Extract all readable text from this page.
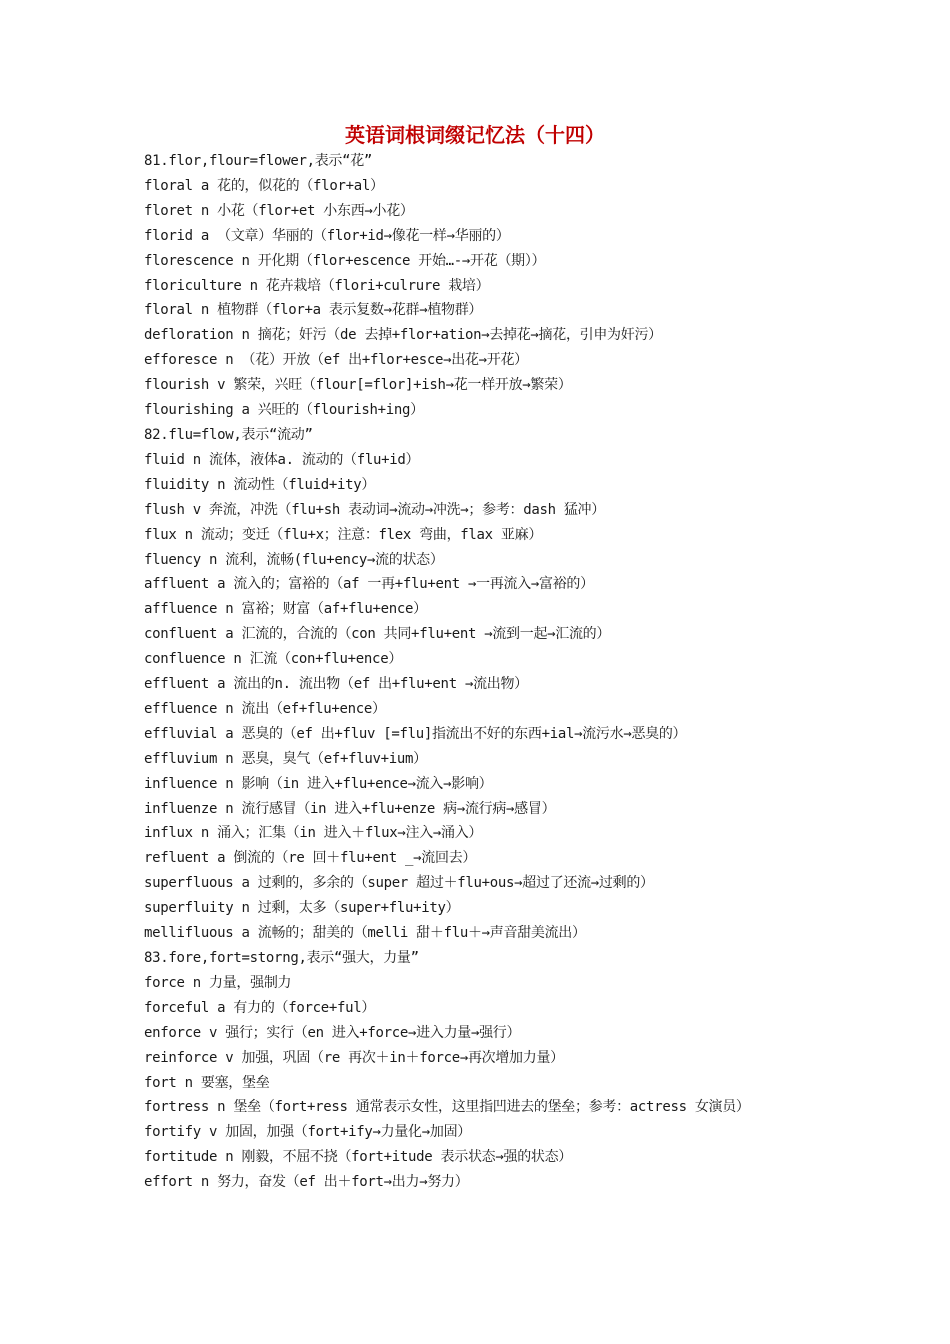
英语词根词缀记忆法（十四）
81.flor,flour=flower,表示“花”
floral a 花的，似花的（flor+al）
floret n 小花（flor+et 小东西→小花）
florid a （文章）华丽的（flor+id→像花一样→华丽的）
florescence n 开化期（flor+escence 开始…-→开花（期））
floriculture n 花卉栽培（flori+culrure 栽培）
floral n 植物群（flor+a 表示复数→花群→植物群）
defloration n 摘花；奸污（de 去掉+flor+ation→去掉花→摘花，引申为奸污）
efforesce n （花）开放（ef 出+flor+esce→出花→开花）
flourish v 繁荣，兴旺（flour[=flor]+ish→花一样开放→繁荣）
flourishing a 兴旺的（flourish+ing）
82.flu=flow,表示“流动”
fluid n 流体，液体a. 流动的（flu+id）
fluidity n 流动性（fluid+ity）
flush v 奔流，冲洗（flu+sh 表动词→流动→冲洗→；参考：dash 猛冲）
flux n 流动；变迁（flu+x；注意：flex 弯曲，flax 亚麻）
fluency n 流利，流畅(flu+ency→流的状态）
affluent a 流入的；富裕的（af 一再+flu+ent →一再流入→富裕的）
affluence n 富裕；财富（af+flu+ence）
confluent a 汇流的，合流的（con 共同+flu+ent →流到一起→汇流的）
confluence n 汇流（con+flu+ence）
effluent a 流出的n. 流出物（ef 出+flu+ent →流出物）
effluence n 流出（ef+flu+ence）
effluvial a 恶臭的（ef 出+fluv [=flu]指流出不好的东西+ial→流污水→恶臭的）
effluvium n 恶臭，臭气（ef+fluv+ium）
influence n 影响（in 进入+flu+ence→流入→影响）
influenze n 流行感冒（in 进入+flu+enze 病→流行病→感冒）
influx n 涌入；汇集（in 进入＋flux→注入→涌入）
refluent a 倒流的（re 回＋flu+ent _→流回去）
superfluous a 过剩的，多余的（super 超过＋flu+ous→超过了还流→过剩的）
superfluity n 过剩，太多（super+flu+ity）
mellifluous a 流畅的；甜美的（melli 甜＋flu＋→声音甜美流出）
83.fore,fort=storng,表示“强大，力量”
force n 力量，强制力
forceful a 有力的（force+ful）
enforce v 强行；实行（en 进入+force→进入力量→强行）
reinforce v 加强，巩固（re 再次＋in＋force→再次增加力量）
fort n 要塞，堡垒
fortress n 堡垒（fort+ress 通常表示女性，这里指凹进去的堡垒；参考：actress 女演员）
fortify v 加固，加强（fort+ify→力量化→加固）
fortitude n 刚毅，不屈不挠（fort+itude 表示状态→强的状态）
effort n 努力，奋发（ef 出＋fort→出力→努力）
